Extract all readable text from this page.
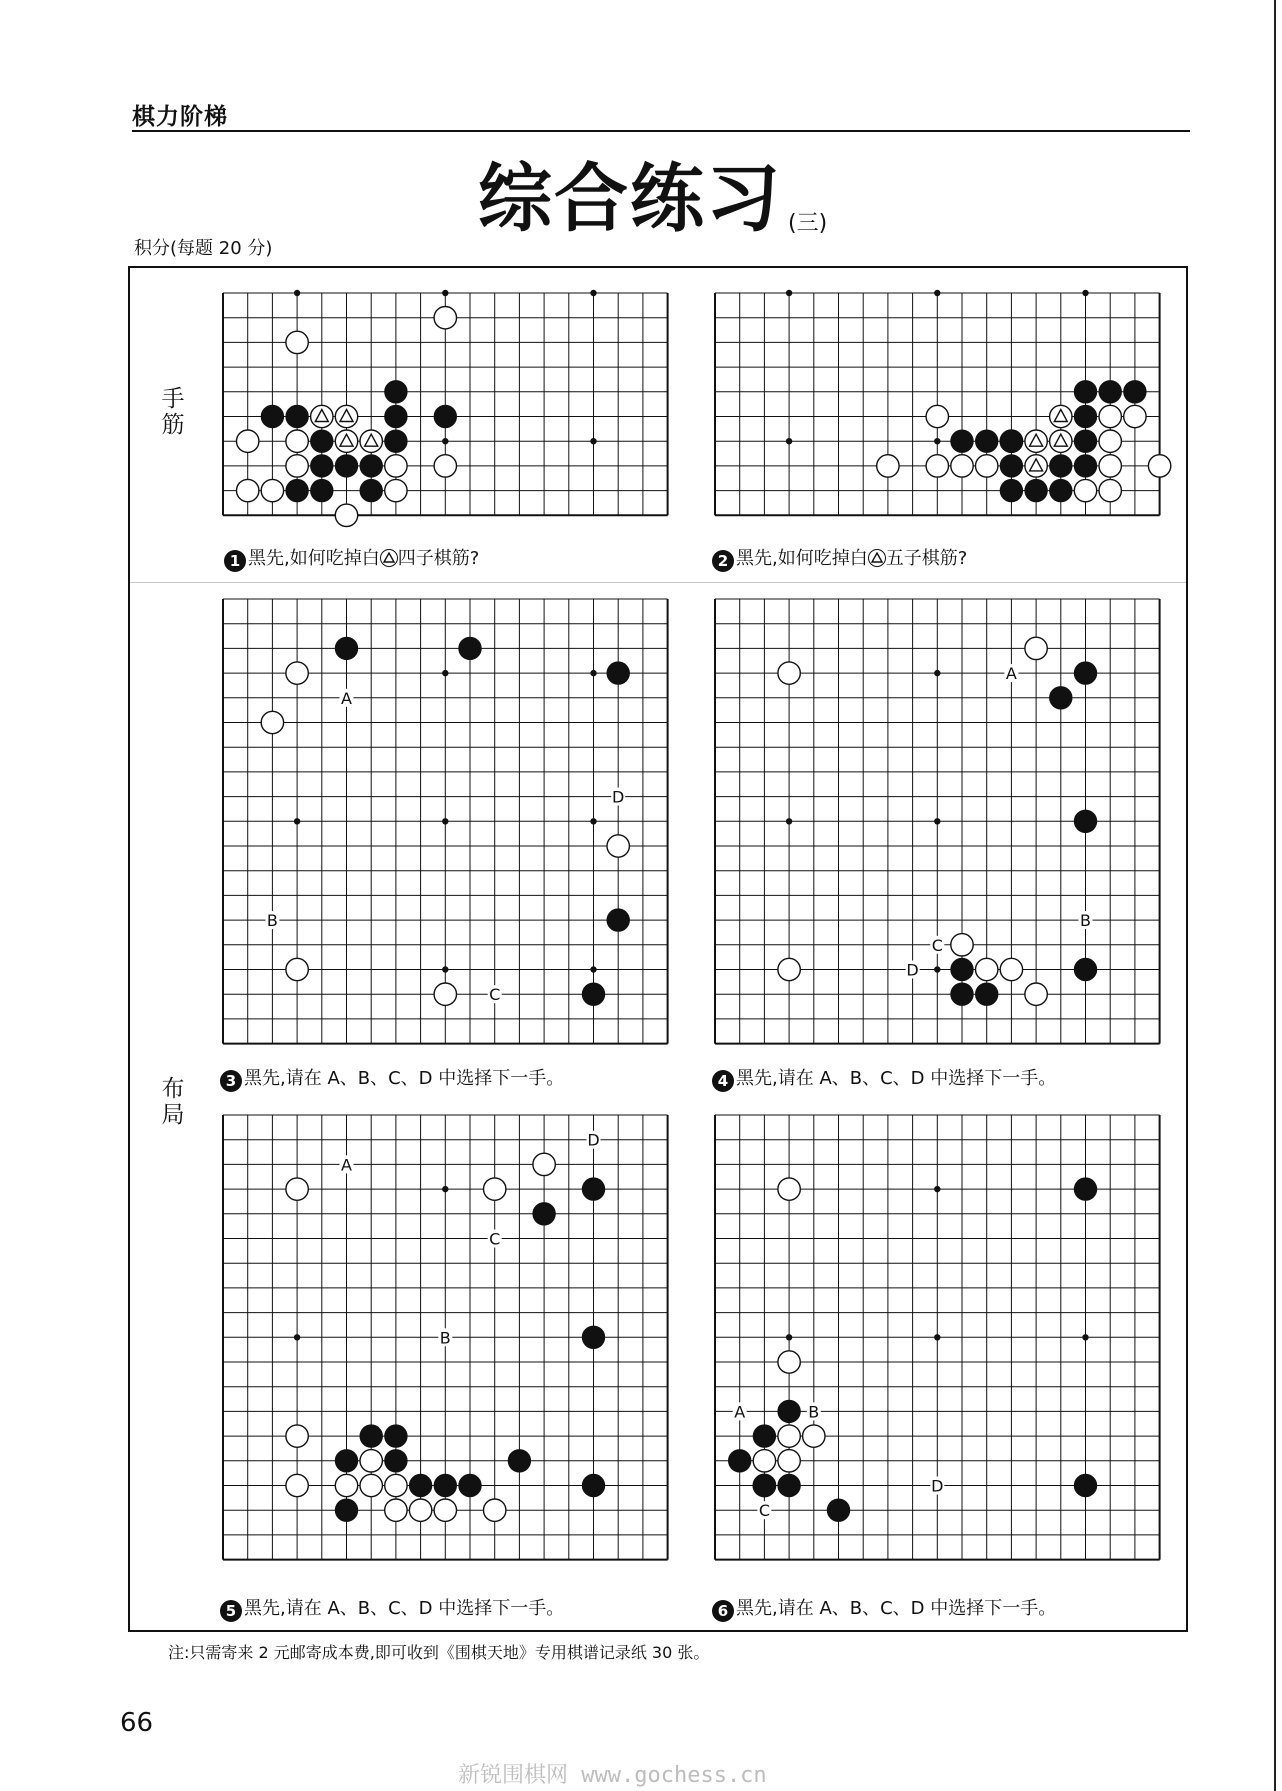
棋力阶梯
综合练习 (三)
积分(每题 20 分)
手筋
布局
A
B
C
D
A
B
C
D
A
B
C
D
A	B
C
D
1 黑先,如何吃掉白 四子棋筋?	2 黑先,如何吃掉白 五子棋筋?
3 黑先,请在 A、B、C、D 中选择下一手。	4 黑先,请在 A、B、C、D 中选择下一手。
5 黑先,请在 A、B、C、D 中选择下一手。	6 黑先,请在 A、B、C、D 中选择下一手。
注:只需寄来 2 元邮寄成本费,即可收到《围棋天地》专用棋谱记录纸 30 张。
66
新锐围棋网 www.gochess.cn
